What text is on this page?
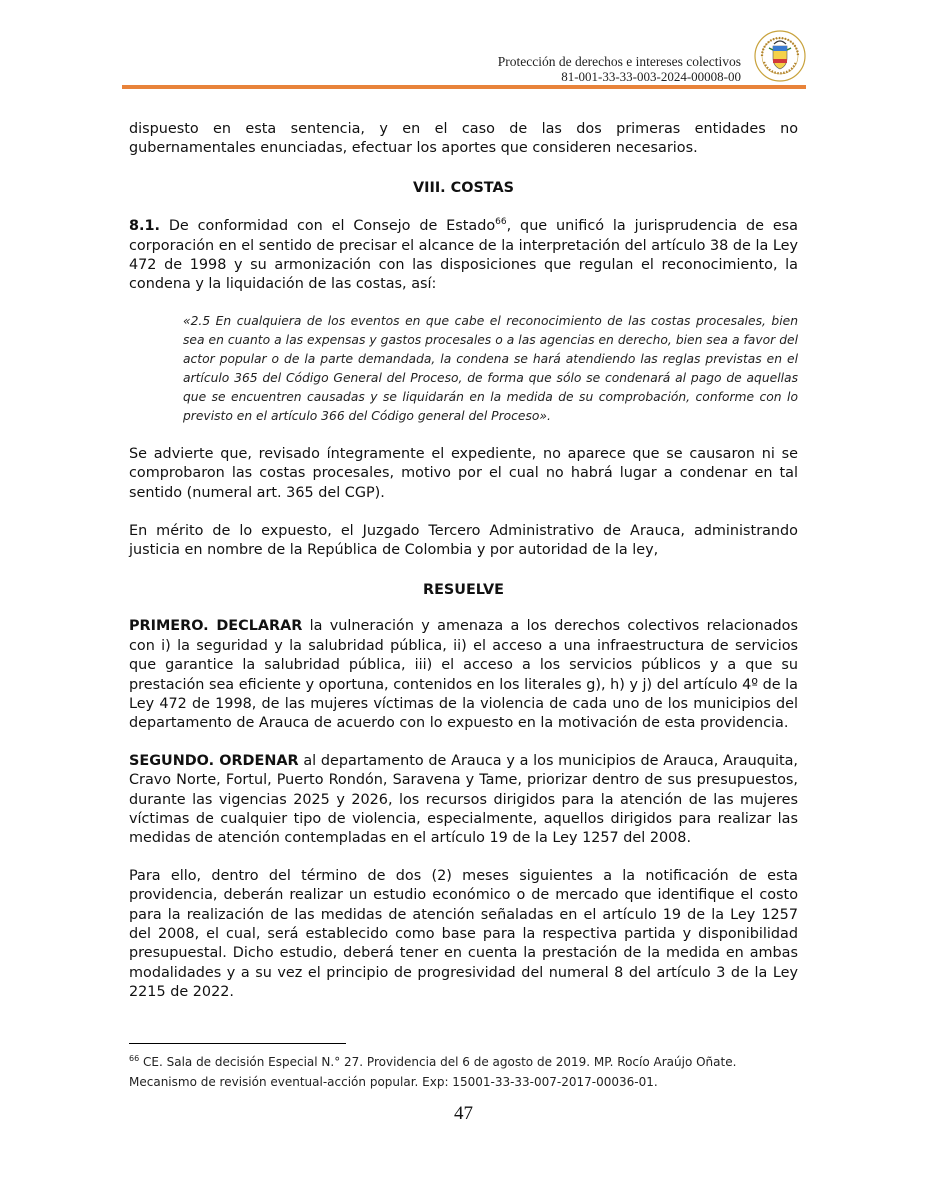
Protección de derechos e intereses colectivos
81-001-33-33-003-2024-00008-00

dispuesto en esta sentencia, y en el caso de las dos primeras entidades no gubernamentales enunciadas, efectuar los aportes que consideren necesarios.

VIII. COSTAS

8.1. De conformidad con el Consejo de Estado$^{66}$, que unificó la jurisprudencia de esa corporación en el sentido de precisar el alcance de la interpretación del artículo 38 de la Ley 472 de 1998 y su armonización con las disposiciones que regulan el reconocimiento, la condena y la liquidación de las costas, así:

«2.5 En cualquiera de los eventos en que cabe el reconocimiento de las costas procesales, bien sea en cuanto a las expensas y gastos procesales o a las agencias en derecho, bien sea a favor del actor popular o de la parte demandada, la condena se hará atendiendo las reglas previstas en el artículo 365 del Código General del Proceso, de forma que sólo se condenará al pago de aquellas que se encuentren causadas y se liquidarán en la medida de su comprobación, conforme con lo previsto en el artículo 366 del Código general del Proceso».

Se advierte que, revisado íntegramente el expediente, no aparece que se causaron ni se comprobaron las costas procesales, motivo por el cual no habrá lugar a condenar en tal sentido (numeral art. 365 del CGP).

En mérito de lo expuesto, el Juzgado Tercero Administrativo de Arauca, administrando justicia en nombre de la República de Colombia y por autoridad de la ley,

RESUELVE

PRIMERO. DECLARAR la vulneración y amenaza a los derechos colectivos relacionados con i) la seguridad y la salubridad pública, ii) el acceso a una infraestructura de servicios que garantice la salubridad pública, iii) el acceso a los servicios públicos y a que su prestación sea eficiente y oportuna, contenidos en los literales g), h) y j) del artículo 4º de la Ley 472 de 1998, de las mujeres víctimas de la violencia de cada uno de los municipios del departamento de Arauca de acuerdo con lo expuesto en la motivación de esta providencia.

SEGUNDO. ORDENAR al departamento de Arauca y a los municipios de Arauca, Arauquita, Cravo Norte, Fortul, Puerto Rondón, Saravena y Tame, priorizar dentro de sus presupuestos, durante las vigencias 2025 y 2026, los recursos dirigidos para la atención de las mujeres víctimas de cualquier tipo de violencia, especialmente, aquellos dirigidos para realizar las medidas de atención contempladas en el artículo 19 de la Ley 1257 del 2008.

Para ello, dentro del término de dos (2) meses siguientes a la notificación de esta providencia, deberán realizar un estudio económico o de mercado que identifique el costo para la realización de las medidas de atención señaladas en el artículo 19 de la Ley 1257 del 2008, el cual, será establecido como base para la respectiva partida y disponibilidad presupuestal. Dicho estudio, deberá tener en cuenta la prestación de la medida en ambas modalidades y a su vez el principio de progresividad del numeral 8 del artículo 3 de la Ley 2215 de 2022.

$^{66}$ CE. Sala de decisión Especial N.° 27. Providencia del 6 de agosto de 2019. MP. Rocío Araújo Oñate. Mecanismo de revisión eventual-acción popular. Exp: 15001-33-33-007-2017-00036-01.
47
